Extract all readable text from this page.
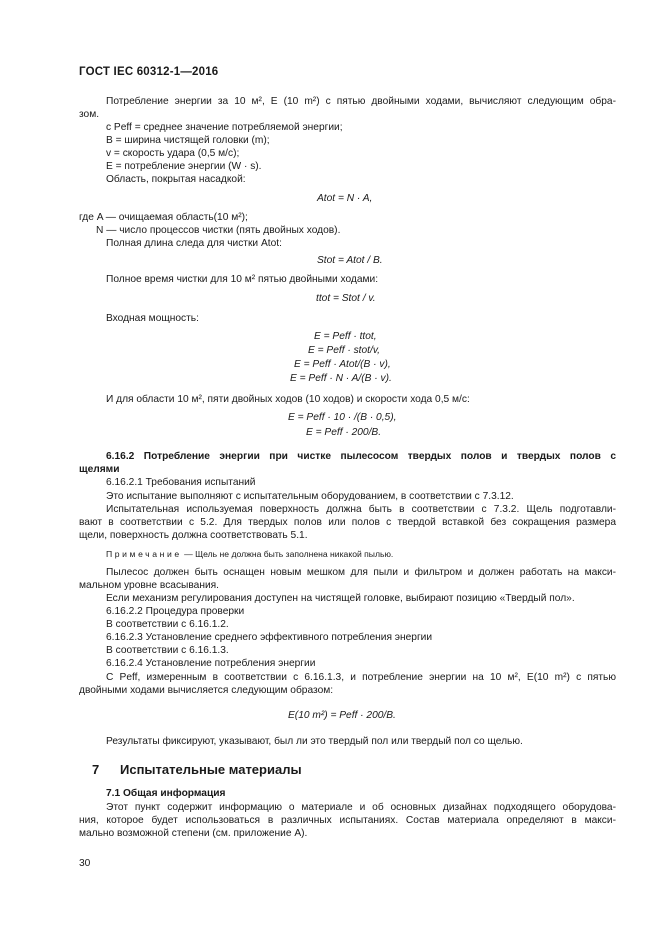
ГОСТ IEC 60312-1—2016
Потребление энергии за 10 м², E (10 m²) с пятью двойными ходами, вычисляют следующим обра-
зом.
с Peff = среднее значение потребляемой энергии;
B = ширина чистящей головки (m);
v = скорость удара (0,5 м/с);
E = потребление энергии (W · s).
Область, покрытая насадкой:
Atot = N · A,
где A — очищаемая область(10 м²);
N — число процессов чистки (пять двойных ходов).
Полная длина следа для чистки Atot:
Stot = Atot / B.
Полное время чистки для 10 м² пятью двойными ходами:
ttot = Stot / v.
Входная мощность:
E = Peff · ttot,
E = Peff · stot/v,
E = Peff · Atot/(B · v),
E = Peff · N · A/(B · v).
И для области 10 м², пяти двойных ходов (10 ходов) и скорости хода 0,5 м/с:
E = Peff · 10 · /(B · 0,5),
E = Peff · 200/B.
6.16.2 Потребление энергии при чистке пылесосом твердых полов и твердых полов с
щелями
6.16.2.1 Требования испытаний
Это испытание выполняют с испытательным оборудованием, в соответствии с 7.3.12.
Испытательная используемая поверхность должна быть в соответствии с 7.3.2. Щель подготавли-
вают в соответствии с 5.2. Для твердых полов или полов с твердой вставкой без сокращения размера
щели, поверхность должна соответствовать 5.1.
Примечание — Щель не должна быть заполнена никакой пылью.
Пылесос должен быть оснащен новым мешком для пыли и фильтром и должен работать на макси-
мальном уровне всасывания.
Если механизм регулирования доступен на чистящей головке, выбирают позицию «Твердый пол».
6.16.2.2 Процедура проверки
В соответствии с 6.16.1.2.
6.16.2.3 Установление среднего эффективного потребления энергии
В соответствии с 6.16.1.3.
6.16.2.4 Установление потребления энергии
С Peff, измеренным в соответствии с 6.16.1.3, и потребление энергии на 10 м², E(10 m²) с пятью
двойными ходами вычисляется следующим образом:
E(10 m²) = Peff · 200/B.
Результаты фиксируют, указывают, был ли это твердый пол или твердый пол со щелью.
7 Испытательные материалы
7.1 Общая информация
Этот пункт содержит информацию о материале и об основных дизайнах подходящего оборудова-
ния, которое будет использоваться в различных испытаниях. Состав материала определяют в макси-
мально возможной степени (см. приложение А).
30
